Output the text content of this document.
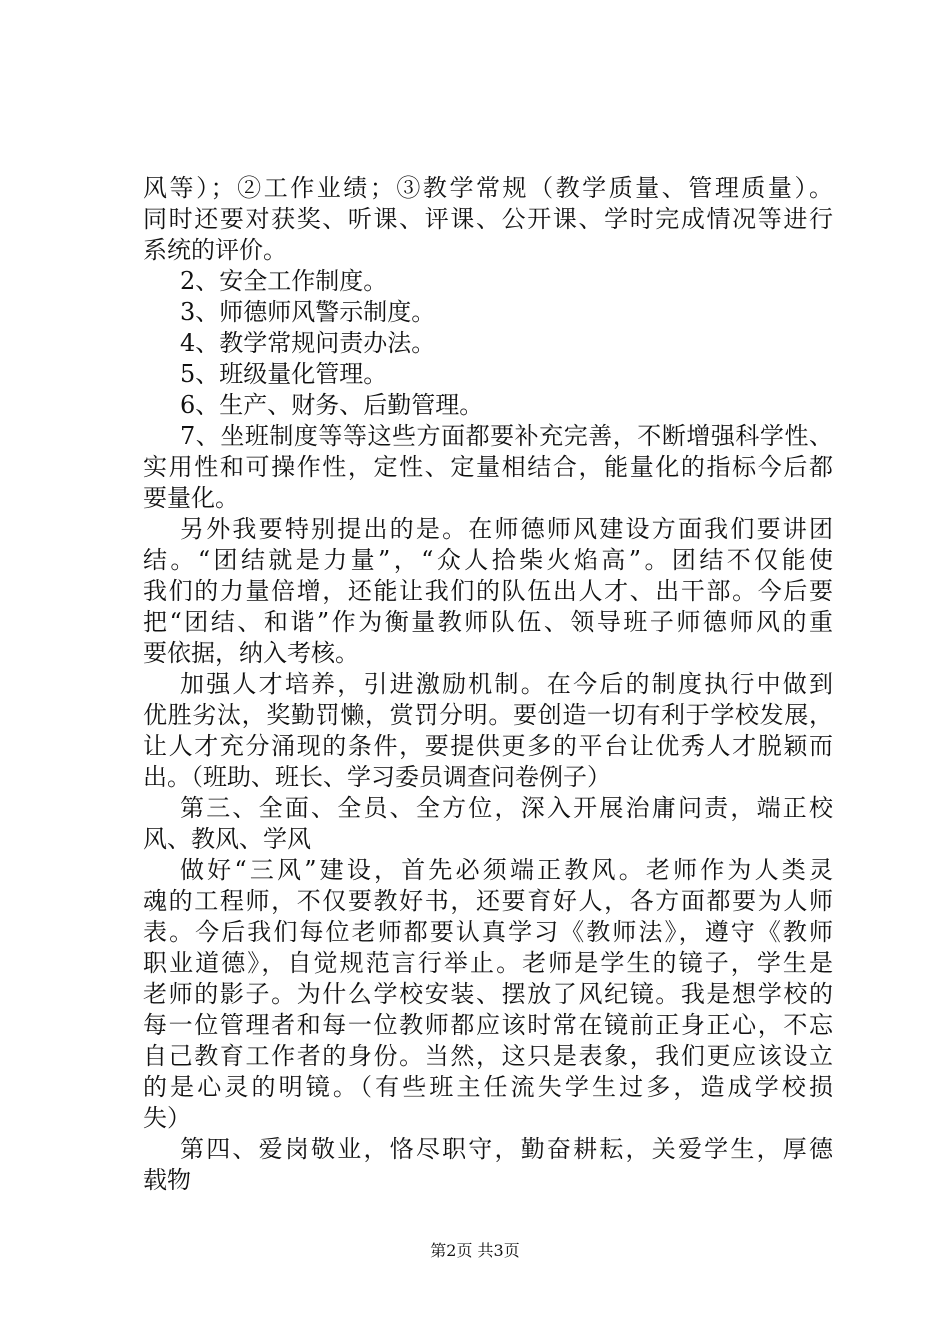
风等）；②工作业绩；③教学常规（教学质量、管理质量）。
同时还要对获奖、听课、评课、公开课、学时完成情况等进行
系统的评价。
2、安全工作制度。
3、师德师风警示制度。
4、教学常规问责办法。
5、班级量化管理。
6、生产、财务、后勤管理。
7、坐班制度等等这些方面都要补充完善，不断增强科学性、
实用性和可操作性，定性、定量相结合，能量化的指标今后都
要量化。
另外我要特别提出的是。在师德师风建设方面我们要讲团
结。“团结就是力量”，“众人拾柴火焰高”。团结不仅能使
我们的力量倍增，还能让我们的队伍出人才、出干部。今后要
把“团结、和谐”作为衡量教师队伍、领导班子师德师风的重
要依据，纳入考核。
加强人才培养，引进激励机制。在今后的制度执行中做到
优胜劣汰，奖勤罚懒，赏罚分明。要创造一切有利于学校发展，
让人才充分涌现的条件，要提供更多的平台让优秀人才脱颖而
出。（班助、班长、学习委员调查问卷例子）
第三、全面、全员、全方位，深入开展治庸问责，端正校
风、教风、学风
做好“三风”建设，首先必须端正教风。老师作为人类灵
魂的工程师，不仅要教好书，还要育好人，各方面都要为人师
表。今后我们每位老师都要认真学习《教师法》，遵守《教师
职业道德》，自觉规范言行举止。老师是学生的镜子，学生是
老师的影子。为什么学校安装、摆放了风纪镜。我是想学校的
每一位管理者和每一位教师都应该时常在镜前正身正心，不忘
自己教育工作者的身份。当然，这只是表象，我们更应该设立
的是心灵的明镜。（有些班主任流失学生过多，造成学校损
失）
第四、爱岗敬业，恪尽职守，勤奋耕耘，关爱学生，厚德
载物
第2页 共3页
